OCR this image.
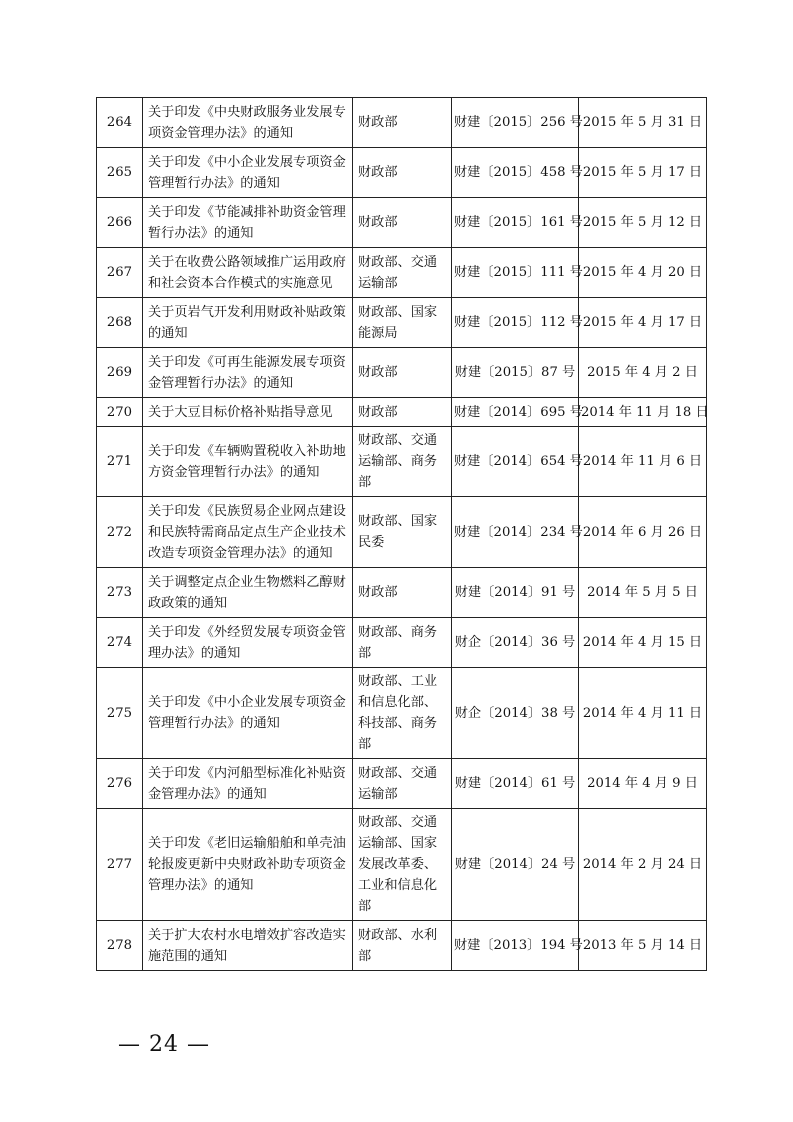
264	关于印发《中央财政服务业发展专项资金管理办法》的通知	财政部	财建〔2015〕256 号	2015 年 5 月 31 日
265	关于印发《中小企业发展专项资金管理暂行办法》的通知	财政部	财建〔2015〕458 号	2015 年 5 月 17 日
266	关于印发《节能减排补助资金管理暂行办法》的通知	财政部	财建〔2015〕161 号	2015 年 5 月 12 日
267	关于在收费公路领域推广运用政府和社会资本合作模式的实施意见	财政部、交通运输部	财建〔2015〕111 号	2015 年 4 月 20 日
268	关于页岩气开发利用财政补贴政策的通知	财政部、国家能源局	财建〔2015〕112 号	2015 年 4 月 17 日
269	关于印发《可再生能源发展专项资金管理暂行办法》的通知	财政部	财建〔2015〕87 号	2015 年 4 月 2 日
270	关于大豆目标价格补贴指导意见	财政部	财建〔2014〕695 号	2014 年 11 月 18 日
271	关于印发《车辆购置税收入补助地方资金管理暂行办法》的通知	财政部、交通运输部、商务部	财建〔2014〕654 号	2014 年 11 月 6 日
272	关于印发《民族贸易企业网点建设和民族特需商品定点生产企业技术改造专项资金管理办法》的通知	财政部、国家民委	财建〔2014〕234 号	2014 年 6 月 26 日
273	关于调整定点企业生物燃料乙醇财政政策的通知	财政部	财建〔2014〕91 号	2014 年 5 月 5 日
274	关于印发《外经贸发展专项资金管理办法》的通知	财政部、商务部	财企〔2014〕36 号	2014 年 4 月 15 日
275	关于印发《中小企业发展专项资金管理暂行办法》的通知	财政部、工业和信息化部、科技部、商务部	财企〔2014〕38 号	2014 年 4 月 11 日
276	关于印发《内河船型标准化补贴资金管理办法》的通知	财政部、交通运输部	财建〔2014〕61 号	2014 年 4 月 9 日
277	关于印发《老旧运输船舶和单壳油轮报废更新中央财政补助专项资金管理办法》的通知	财政部、交通运输部、国家发展改革委、工业和信息化部	财建〔2014〕24 号	2014 年 2 月 24 日
278	关于扩大农村水电增效扩容改造实施范围的通知	财政部、水利部	财建〔2013〕194 号	2013 年 5 月 14 日
— 24 —
